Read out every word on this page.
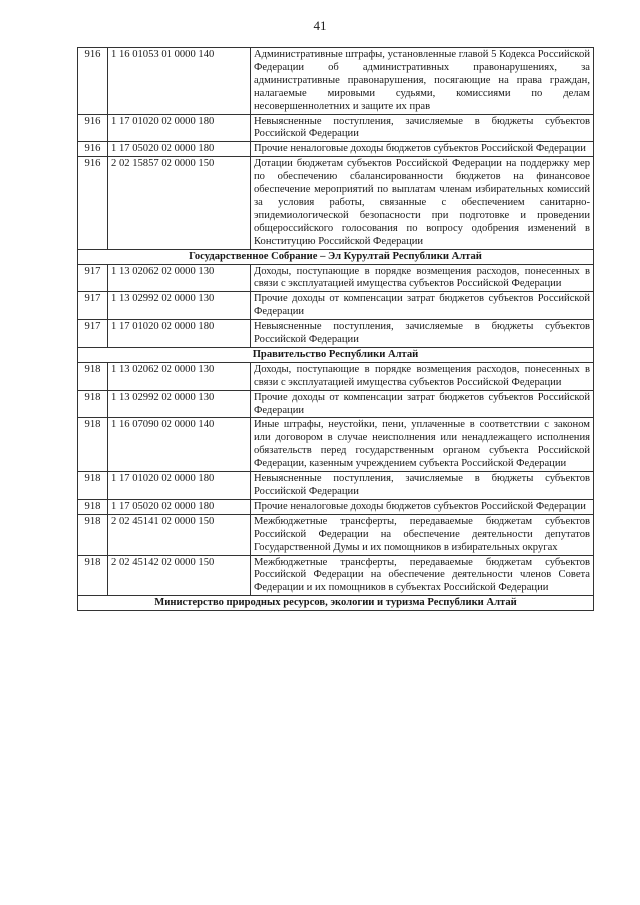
41
916	1 16 01053 01 0000 140	Административные штрафы, установленные главой 5 Кодекса Российской Федерации об административных правонарушениях, за административные правонарушения, посягающие на права граждан, налагаемые мировыми судьями, комиссиями по делам несовершеннолетних и защите их прав
916	1 17 01020 02 0000 180	Невыясненные поступления, зачисляемые в бюджеты субъектов Российской Федерации
916	1 17 05020 02 0000 180	Прочие неналоговые доходы бюджетов субъектов Российской Федерации
916	2 02 15857 02 0000 150	Дотации бюджетам субъектов Российской Федерации на поддержку мер по обеспечению сбалансированности бюджетов на финансовое обеспечение мероприятий по выплатам членам избирательных комиссий за условия работы, связанные с обеспечением санитарно-эпидемиологической безопасности при подготовке и проведении общероссийского голосования по вопросу одобрения изменений в Конституцию Российской Федерации
Государственное Собрание – Эл Курултай Республики Алтай		
917	1 13 02062 02 0000 130	Доходы, поступающие в порядке возмещения расходов, понесенных в связи с эксплуатацией имущества субъектов Российской Федерации
917	1 13 02992 02 0000 130	Прочие доходы от компенсации затрат бюджетов субъектов Российской Федерации
917	1 17 01020 02 0000 180	Невыясненные поступления, зачисляемые в бюджеты субъектов Российской Федерации
Правительство Республики Алтай		
918	1 13 02062 02 0000 130	Доходы, поступающие в порядке возмещения расходов, понесенных в связи с эксплуатацией имущества субъектов Российской Федерации
918	1 13 02992 02 0000 130	Прочие доходы от компенсации затрат бюджетов субъектов Российской Федерации
918	1 16 07090 02 0000 140	Иные штрафы, неустойки, пени, уплаченные в соответствии с законом или договором в случае неисполнения или ненадлежащего исполнения обязательств перед государственным органом субъекта Российской Федерации, казенным учреждением субъекта Российской Федерации
918	1 17 01020 02 0000 180	Невыясненные поступления, зачисляемые в бюджеты субъектов Российской Федерации
918	1 17 05020 02 0000 180	Прочие неналоговые доходы бюджетов субъектов Российской Федерации
918	2 02 45141 02 0000 150	Межбюджетные трансферты, передаваемые бюджетам субъектов Российской Федерации на обеспечение деятельности депутатов Государственной Думы и их помощников в избирательных округах
918	2 02 45142 02 0000 150	Межбюджетные трансферты, передаваемые бюджетам субъектов Российской Федерации на обеспечение деятельности членов Совета Федерации и их помощников в субъектах Российской Федерации
Министерство природных ресурсов, экологии и туризма Республики Алтай		
